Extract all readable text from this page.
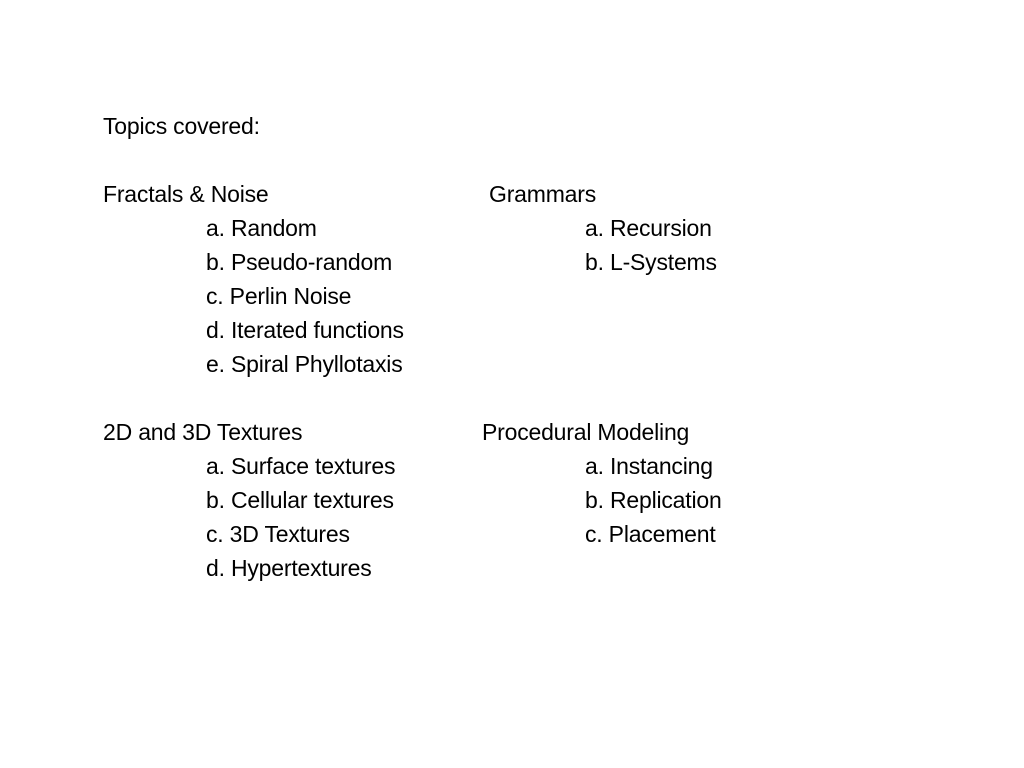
Topics covered:
Fractals & Noise
a. Random
b. Pseudo-random
c. Perlin Noise
d. Iterated functions
e. Spiral Phyllotaxis
Grammars
a. Recursion
b. L-Systems
2D and 3D Textures
a. Surface textures
b. Cellular textures
c. 3D Textures
d. Hypertextures
Procedural Modeling
a. Instancing
b. Replication
c. Placement
